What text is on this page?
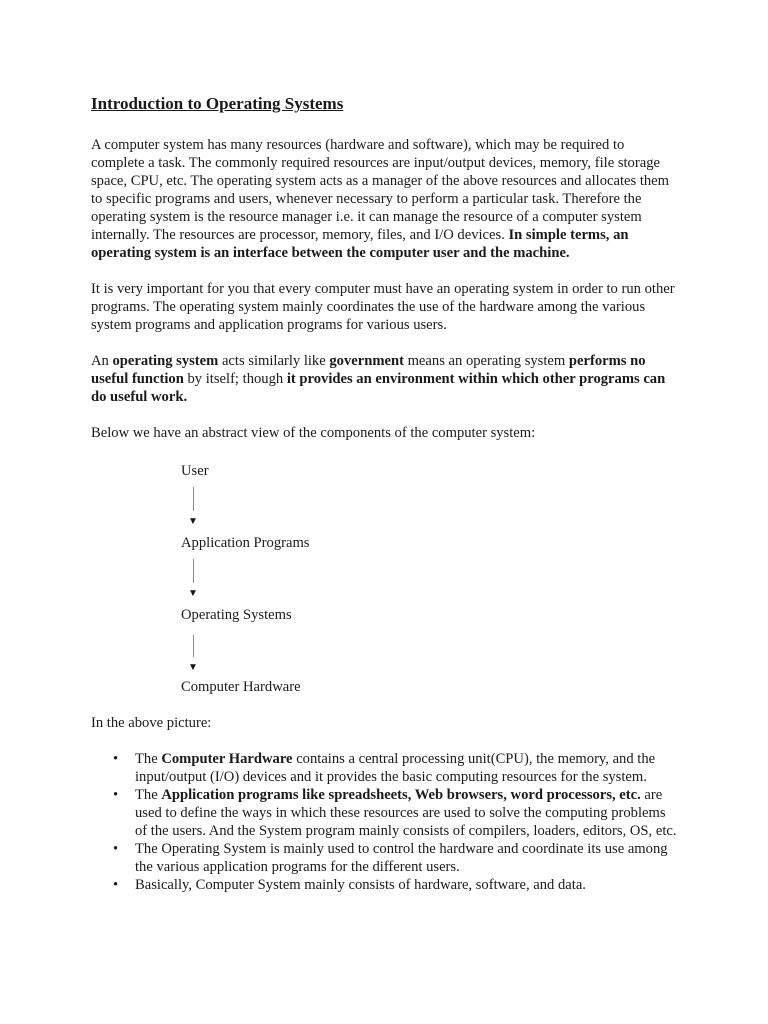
Introduction to Operating Systems

A computer system has many resources (hardware and software), which may be required to complete a task. The commonly required resources are input/output devices, memory, file storage space, CPU, etc. The operating system acts as a manager of the above resources and allocates them to specific programs and users, whenever necessary to perform a particular task. Therefore the operating system is the resource manager i.e. it can manage the resource of a computer system internally. The resources are processor, memory, files, and I/O devices. In simple terms, an operating system is an interface between the computer user and the machine.

It is very important for you that every computer must have an operating system in order to run other programs. The operating system mainly coordinates the use of the hardware among the various system programs and application programs for various users.

An operating system acts similarly like government means an operating system performs no useful function by itself; though it provides an environment within which other programs can do useful work.

Below we have an abstract view of the components of the computer system:

User
▼
Application Programs
▼
Operating Systems
▼
Computer Hardware

In the above picture:

• The Computer Hardware contains a central processing unit(CPU), the memory, and the input/output (I/O) devices and it provides the basic computing resources for the system.
• The Application programs like spreadsheets, Web browsers, word processors, etc. are used to define the ways in which these resources are used to solve the computing problems of the users. And the System program mainly consists of compilers, loaders, editors, OS, etc.
• The Operating System is mainly used to control the hardware and coordinate its use among the various application programs for the different users.
• Basically, Computer System mainly consists of hardware, software, and data.
